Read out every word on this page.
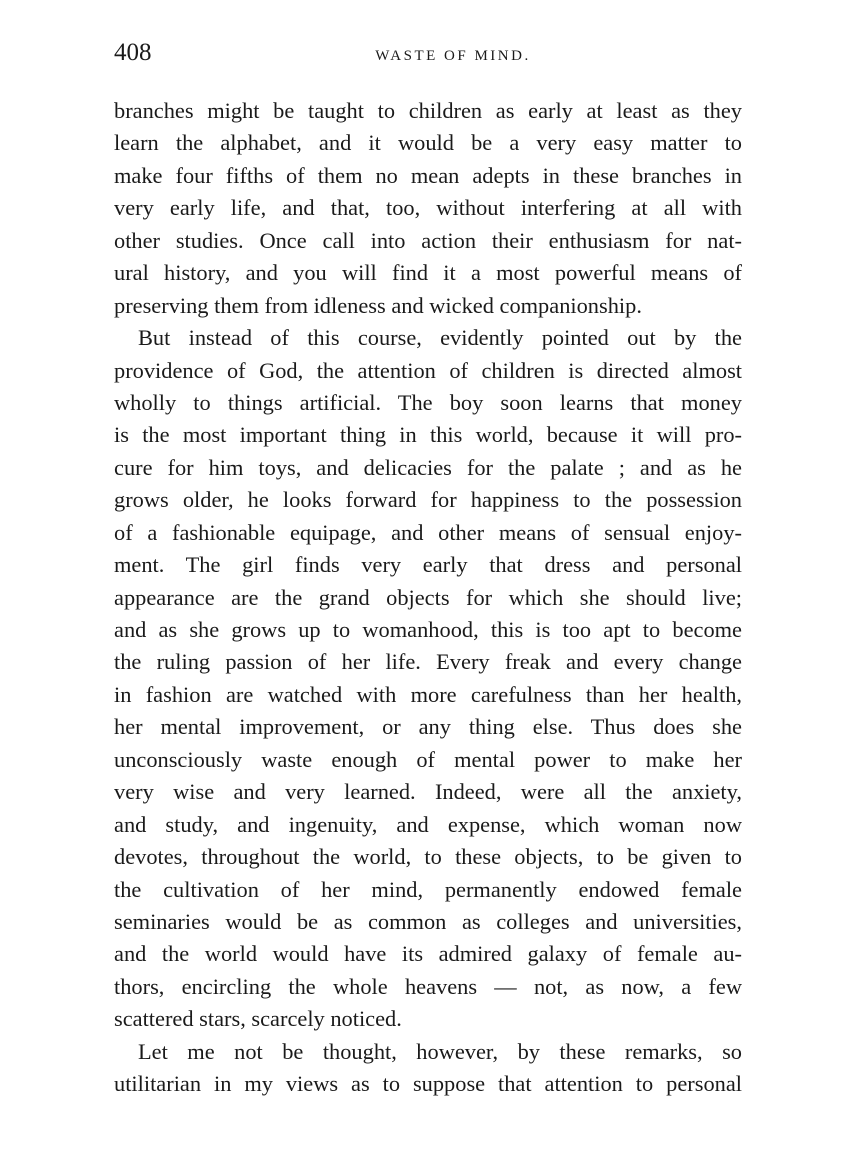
408	WASTE OF MIND.
branches might be taught to children as early at least as they
learn the alphabet, and it would be a very easy matter to
make four fifths of them no mean adepts in these branches in
very early life, and that, too, without interfering at all with
other studies. Once call into action their enthusiasm for nat-
ural history, and you will find it a most powerful means of
preserving them from idleness and wicked companionship.
But instead of this course, evidently pointed out by the
providence of God, the attention of children is directed almost
wholly to things artificial. The boy soon learns that money
is the most important thing in this world, because it will pro-
cure for him toys, and delicacies for the palate ; and as he
grows older, he looks forward for happiness to the possession
of a fashionable equipage, and other means of sensual enjoy-
ment. The girl finds very early that dress and personal
appearance are the grand objects for which she should live;
and as she grows up to womanhood, this is too apt to become
the ruling passion of her life. Every freak and every change
in fashion are watched with more carefulness than her health,
her mental improvement, or any thing else. Thus does she
unconsciously waste enough of mental power to make her
very wise and very learned. Indeed, were all the anxiety,
and study, and ingenuity, and expense, which woman now
devotes, throughout the world, to these objects, to be given to
the cultivation of her mind, permanently endowed female
seminaries would be as common as colleges and universities,
and the world would have its admired galaxy of female au-
thors, encircling the whole heavens — not, as now, a few
scattered stars, scarcely noticed.
Let me not be thought, however, by these remarks, so
utilitarian in my views as to suppose that attention to personal
